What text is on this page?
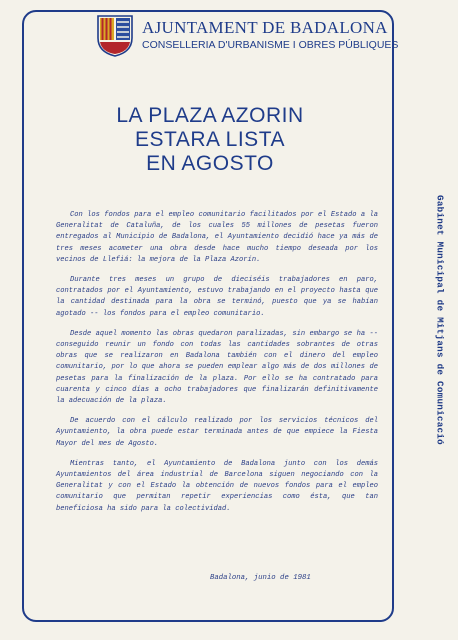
AJUNTAMENT DE BADALONA
CONSELLERIA D'URBANISME I OBRES PÚBLIQUES
LA PLAZA AZORIN
ESTARA LISTA
EN AGOSTO

Con los fondos para el empleo comunitario facilitados por el Estado a la Generalitat de Cataluña, de los cuales 55 millones de pesetas fueron entregados al Municipio de Badalona, el Ayuntamiento decidió hace ya más de tres meses acometer una obra desde hace mucho tiempo deseada por los vecinos de Llefiá: la mejora de la Plaza Azorín.

Durante tres meses un grupo de dieciséis trabajadores en paro, contratados por el Ayuntamiento, estuvo trabajando en el proyecto hasta que la cantidad destinada para la obra se terminó, puesto que ya se habían agotado -- los fondos para el empleo comunitario.

Desde aquel momento las obras quedaron paralizadas, sin embargo se ha -- conseguido reunir un fondo con todas las cantidades sobrantes de otras obras que se realizaron en Badalona también con el dinero del empleo comunitario, por lo que ahora se pueden emplear algo más de dos millones de pesetas para la finalización de la plaza. Por ello se ha contratado para cuarenta y cinco días a ocho trabajadores que finalizarán definitivamente la adecuación de la plaza.

De acuerdo con el cálculo realizado por los servicios técnicos del Ayuntamiento, la obra puede estar terminada antes de que empiece la Fiesta Mayor del mes de Agosto.

Mientras tanto, el Ayuntamiento de Badalona junto con los demás Ayuntamientos del área industrial de Barcelona siguen negociando con la Generalitat y con el Estado la obtención de nuevos fondos para el empleo comunitario que permitan repetir experiencias como ésta, que tan beneficiosa ha sido para la colectividad.

Badalona, junio de 1981
Gabinet Municipal de Mitjans de Comunicació
